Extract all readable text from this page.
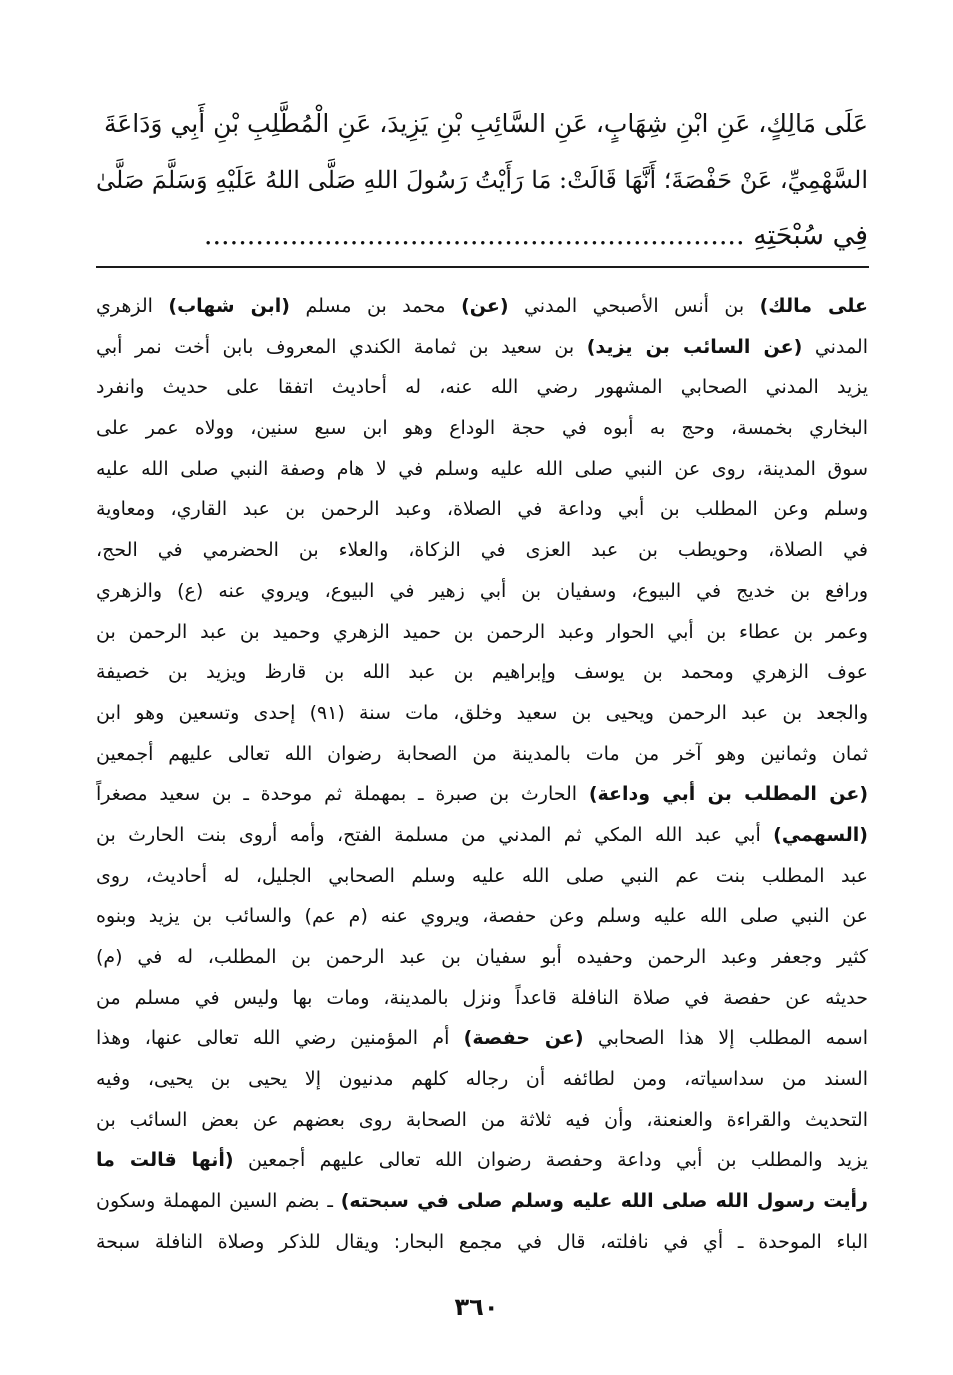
عَلَى مَالِكٍ، عَنِ ابْنِ شِهَابٍ، عَنِ السَّائِبِ بْنِ يَزِيدَ، عَنِ الْمُطَّلِبِ بْنِ أَبِي وَدَاعَةَ
السَّهْمِيِّ، عَنْ حَفْصَةَ؛ أَنَّهَا قَالَتْ: مَا رَأَيْتُ رَسُولَ اللهِ صَلَّى اللهُ عَلَيْهِ وَسَلَّمَ صَلَّىٰ
فِي سُبْحَتِهِ ...............................................................
على مالك) بن أنس الأصبحي المدني (عن) محمد بن مسلم (ابن شهاب) الزهري
المدني (عن السائب بن يزيد) بن سعيد بن ثمامة الكندي المعروف بابن أخت نمر أبي
يزيد المدني الصحابي المشهور رضي الله عنه، له أحاديث اتفقا على حديث وانفرد
البخاري بخمسة، وحج به أبوه في حجة الوداع وهو ابن سبع سنين، وولاه عمر على
سوق المدينة، روى عن النبي صلى الله عليه وسلم في لا هام وصفة النبي صلى الله عليه
وسلم وعن المطلب بن أبي وداعة في الصلاة، وعبد الرحمن بن عبد القاري، ومعاوية
في الصلاة، وحويطب بن عبد العزى في الزكاة، والعلاء بن الحضرمي في الحج،
ورافع بن خديج في البيوع، وسفيان بن أبي زهير في البيوع، ويروي عنه (ع) والزهري
وعمر بن عطاء بن أبي الحوار وعبد الرحمن بن حميد الزهري وحميد بن عبد الرحمن بن
عوف الزهري ومحمد بن يوسف وإبراهيم بن عبد الله بن قارظ ويزيد بن خصيفة
والجعد بن عبد الرحمن ويحيى بن سعيد وخلق، مات سنة (٩١) إحدى وتسعين وهو ابن
ثمان وثمانين وهو آخر من مات بالمدينة من الصحابة رضوان الله تعالى عليهم أجمعين
(عن المطلب بن أبي وداعة) الحارث بن صبرة ـ بمهملة ثم موحدة ـ بن سعيد مصغراً
(السهمي) أبي عبد الله المكي ثم المدني من مسلمة الفتح، وأمه أروى بنت الحارث بن
عبد المطلب بنت عم النبي صلى الله عليه وسلم الصحابي الجليل، له أحاديث، روى
عن النبي صلى الله عليه وسلم وعن حفصة، ويروي عنه (م عم) والسائب بن يزيد وبنوه
كثير وجعفر وعبد الرحمن وحفيده أبو سفيان بن عبد الرحمن بن المطلب، له في (م)
حديثه عن حفصة في صلاة النافلة قاعداً ونزل بالمدينة، ومات بها وليس في مسلم من
اسمه المطلب إلا هذا الصحابي (عن حفصة) أم المؤمنين رضي الله تعالى عنها، وهذا
السند من سداسياته، ومن لطائفه أن رجاله كلهم مدنيون إلا يحيى بن يحيى، وفيه
التحديث والقراءة والعنعنة، وأن فيه ثلاثة من الصحابة روى بعضهم عن بعض السائب بن
يزيد والمطلب بن أبي وداعة وحفصة رضوان الله تعالى عليهم أجمعين (أنها قالت ما
رأيت رسول الله صلى الله عليه وسلم صلى في سبحته) ـ بضم السين المهملة وسكون
الباء الموحدة ـ أي في نافلته، قال في مجمع البحار: ويقال للذكر وصلاة النافلة سبحة
٣٦٠
